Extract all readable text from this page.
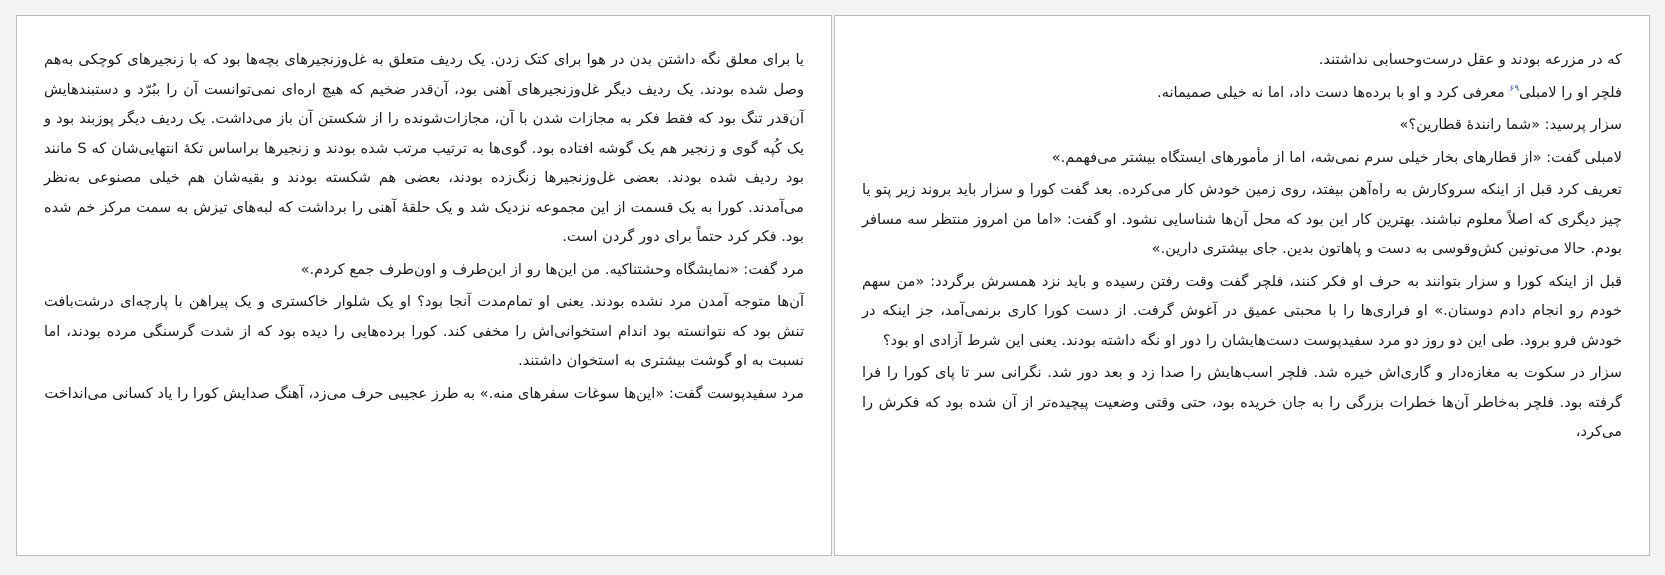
یا برای معلق نگه داشتن بدن در هوا برای کتک زدن. یک ردیف متعلق به غل‌وزنجیرهای بچه‌ها بود که با زنجیرهای کوچکی به‌هم وصل شده بودند. یک ردیف دیگر غل‌وزنجیرهای آهنی بود، آن‌قدر ضخیم که هیچ اره‌ای نمی‌توانست آن را ببُرّد و دستبندهایش آن‌قدر تنگ بود که فقط فکر به مجازات شدن با آن، مجازات‌شونده را از شکستن آن باز می‌داشت. یک ردیف دیگر پوزبند بود و یک کُپه گوی و زنجیر هم یک گوشه افتاده بود. گوی‌ها به ترتیب مرتب شده بودند و زنجیرها براساس تکهٔ انتهایی‌شان که S مانند بود ردیف شده بودند. بعضی غل‌وزنجیرها زنگ‌زده بودند، بعضی هم شکسته بودند و بقیه‌شان هم خیلی مصنوعی به‌نظر می‌آمدند. کورا به یک قسمت از این مجموعه نزدیک شد و یک حلقهٔ آهنی را برداشت که لبه‌های تیزش به سمت مرکز خم شده بود. فکر کرد حتماً برای دور گردن است.

مرد گفت: «نمایشگاه وحشتناکیه. من این‌ها رو از این‌طرف و اون‌طرف جمع کردم.»

آن‌ها متوجه آمدن مرد نشده بودند. یعنی او تمام‌مدت آنجا بود؟ او یک شلوار خاکستری و یک پیراهن با پارچه‌ای درشت‌بافت تنش بود که نتوانسته بود اندام استخوانی‌اش را مخفی کند. کورا برده‌هایی را دیده بود که از شدت گرسنگی مرده بودند، اما نسبت به او گوشت بیشتری به استخوان داشتند.

مرد سفیدپوست گفت: «این‌ها سوغات سفرهای منه.» به طرز عجیبی حرف می‌زد، آهنگ صدایش کورا را یاد کسانی می‌انداخت

که در مزرعه بودند و عقل درست‌وحسابی نداشتند.

فلچر او را لامبلی$^{۶۹}$ معرفی کرد و او با برده‌ها دست داد، اما نه خیلی صمیمانه.

سزار پرسید: «شما رانندهٔ قطارین؟»

لامبلی گفت: «از قطارهای بخار خیلی سرم نمی‌شه، اما از مأمورهای ایستگاه بیشتر می‌فهمم.»

تعریف کرد قبل از اینکه سروکارش به راه‌آهن بیفتد، روی زمین خودش کار می‌کرده. بعد گفت کورا و سزار باید بروند زیر پتو یا چیز دیگری که اصلاً معلوم نباشند. بهترین کار این بود که محل آن‌ها شناسایی نشود. او گفت: «اما من امروز منتظر سه مسافر بودم. حالا می‌تونین کش‌وقوسی به دست و پاهاتون بدین. جای بیشتری دارین.»

قبل از اینکه کورا و سزار بتوانند به حرف او فکر کنند، فلچر گفت وقت رفتن رسیده و باید نزد همسرش برگردد: «من سهم خودم رو انجام دادم دوستان.» او فراری‌ها را با محبتی عمیق در آغوش گرفت. از دست کورا کاری برنمی‌آمد، جز اینکه در خودش فرو برود. طی این دو روز دو مرد سفیدپوست دست‌هایشان را دور او نگه داشته بودند. یعنی این شرط آزادی او بود؟

سزار در سکوت به مغازه‌دار و گاری‌اش خیره شد. فلچر اسب‌هایش را صدا زد و بعد دور شد. نگرانی سر تا پای کورا را فرا گرفته بود. فلچر به‌خاطر آن‌ها خطرات بزرگی را به جان خریده بود، حتی وقتی وضعیت پیچیده‌تر از آن شده بود که فکرش را می‌کرد،
